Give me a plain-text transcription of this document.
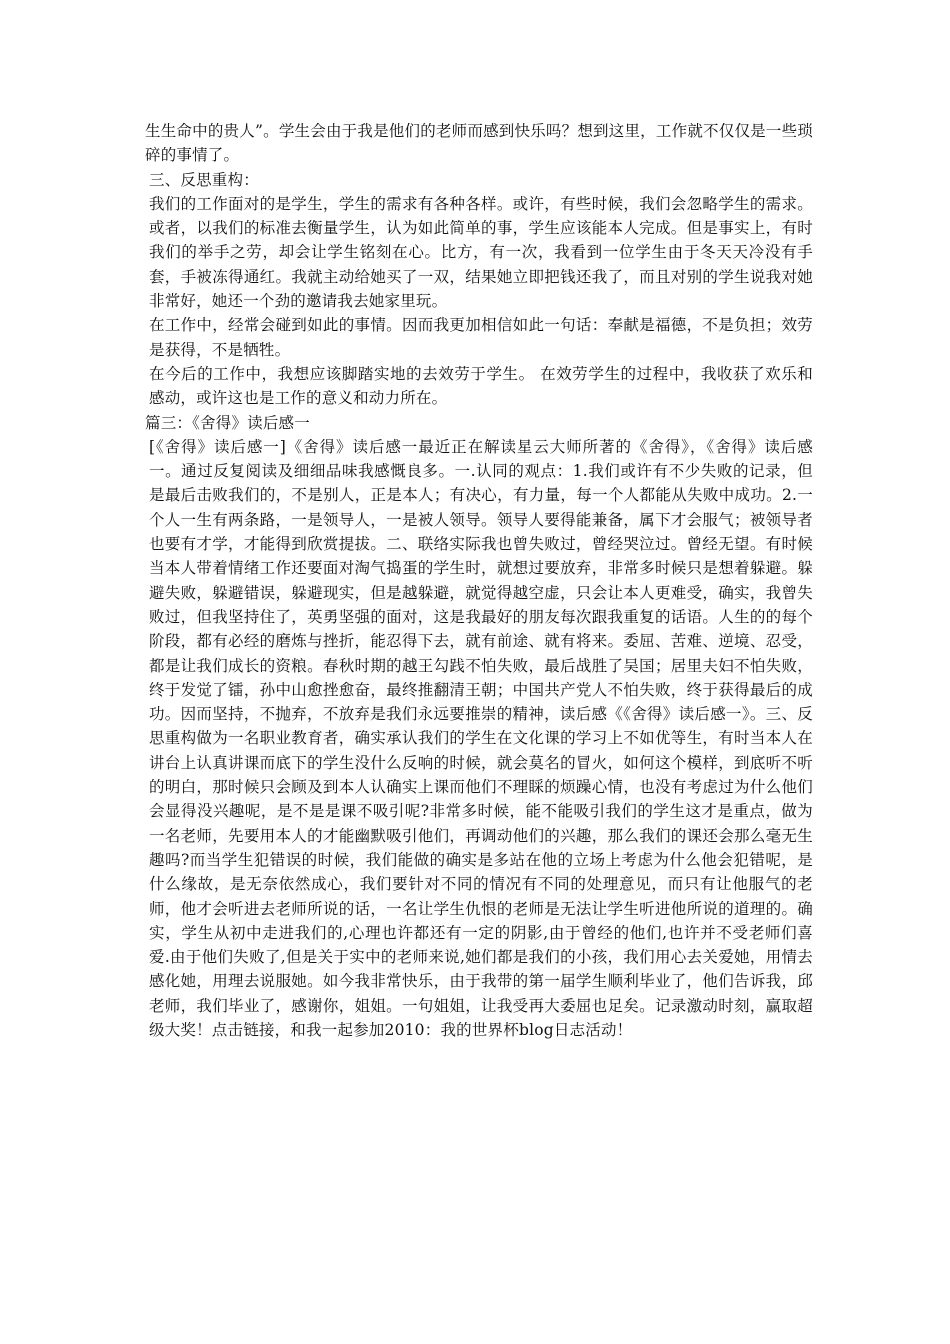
生生命中的贵人”。学生会由于我是他们的老师而感到快乐吗？想到这里，工作就不仅仅是一些琐碎的事情了。

三、反思重构：

我们的工作面对的是学生，学生的需求有各种各样。或许，有些时候，我们会忽略学生的需求。或者，以我们的标准去衡量学生，认为如此简单的事，学生应该能本人完成。但是事实上，有时我们的举手之劳，却会让学生铭刻在心。比方，有一次，我看到一位学生由于冬天天冷没有手套，手被冻得通红。我就主动给她买了一双，结果她立即把钱还我了，而且对别的学生说我对她非常好，她还一个劲的邀请我去她家里玩。

在工作中，经常会碰到如此的事情。因而我更加相信如此一句话：奉献是福德，不是负担；效劳是获得，不是牺牲。

在今后的工作中，我想应该脚踏实地的去效劳于学生。 在效劳学生的过程中，我收获了欢乐和感动，或许这也是工作的意义和动力所在。

篇三：《舍得》读后感一

[《舍得》读后感一]《舍得》读后感一最近正在解读星云大师所著的《舍得》，《舍得》读后感一。通过反复阅读及细细品味我感慨良多。一.认同的观点：1.我们或许有不少失败的记录，但是最后击败我们的，不是别人，正是本人；有决心，有力量，每一个人都能从失败中成功。2.一个人一生有两条路，一是领导人，一是被人领导。领导人要得能兼备，属下才会服气；被领导者也要有才学，才能得到欣赏提拔。二、联络实际我也曾失败过，曾经哭泣过。曾经无望。有时候当本人带着情绪工作还要面对淘气捣蛋的学生时，就想过要放弃，非常多时候只是想着躲避。躲避失败，躲避错误，躲避现实，但是越躲避，就觉得越空虚，只会让本人更难受，确实，我曾失败过，但我坚持住了，英勇坚强的面对，这是我最好的朋友每次跟我重复的话语。人生的的每个阶段，都有必经的磨炼与挫折，能忍得下去，就有前途、就有将来。委屈、苦难、逆境、忍受，都是让我们成长的资粮。春秋时期的越王勾践不怕失败，最后战胜了吴国；居里夫妇不怕失败，终于发觉了镭，孙中山愈挫愈奋，最终推翻清王朝；中国共产党人不怕失败，终于获得最后的成功。因而坚持，不抛弃，不放弃是我们永远要推崇的精神，读后感《《舍得》读后感一》。三、反思重构做为一名职业教育者，确实承认我们的学生在文化课的学习上不如优等生，有时当本人在讲台上认真讲课而底下的学生没什么反响的时候，就会莫名的冒火，如何这个模样，到底听不听的明白，那时候只会顾及到本人认确实上课而他们不理睬的烦躁心情，也没有考虑过为什么他们会显得没兴趣呢，是不是是课不吸引呢?非常多时候，能不能吸引我们的学生这才是重点，做为一名老师，先要用本人的才能幽默吸引他们，再调动他们的兴趣，那么我们的课还会那么毫无生趣吗?而当学生犯错误的时候，我们能做的确实是多站在他的立场上考虑为什么他会犯错呢，是什么缘故，是无奈依然成心，我们要针对不同的情况有不同的处理意见，而只有让他服气的老师，他才会听进去老师所说的话，一名让学生仇恨的老师是无法让学生听进他所说的道理的。确实，学生从初中走进我们的,心理也许都还有一定的阴影,由于曾经的他们,也许并不受老师们喜爱.由于他们失败了,但是关于实中的老师来说,她们都是我们的小孩，我们用心去关爱她，用情去感化她，用理去说服她。如今我非常快乐，由于我带的第一届学生顺利毕业了，他们告诉我，邱老师，我们毕业了，感谢你，姐姐。一句姐姐，让我受再大委屈也足矣。记录激动时刻，赢取超级大奖！点击链接，和我一起参加2010：我的世界杯blog日志活动！
